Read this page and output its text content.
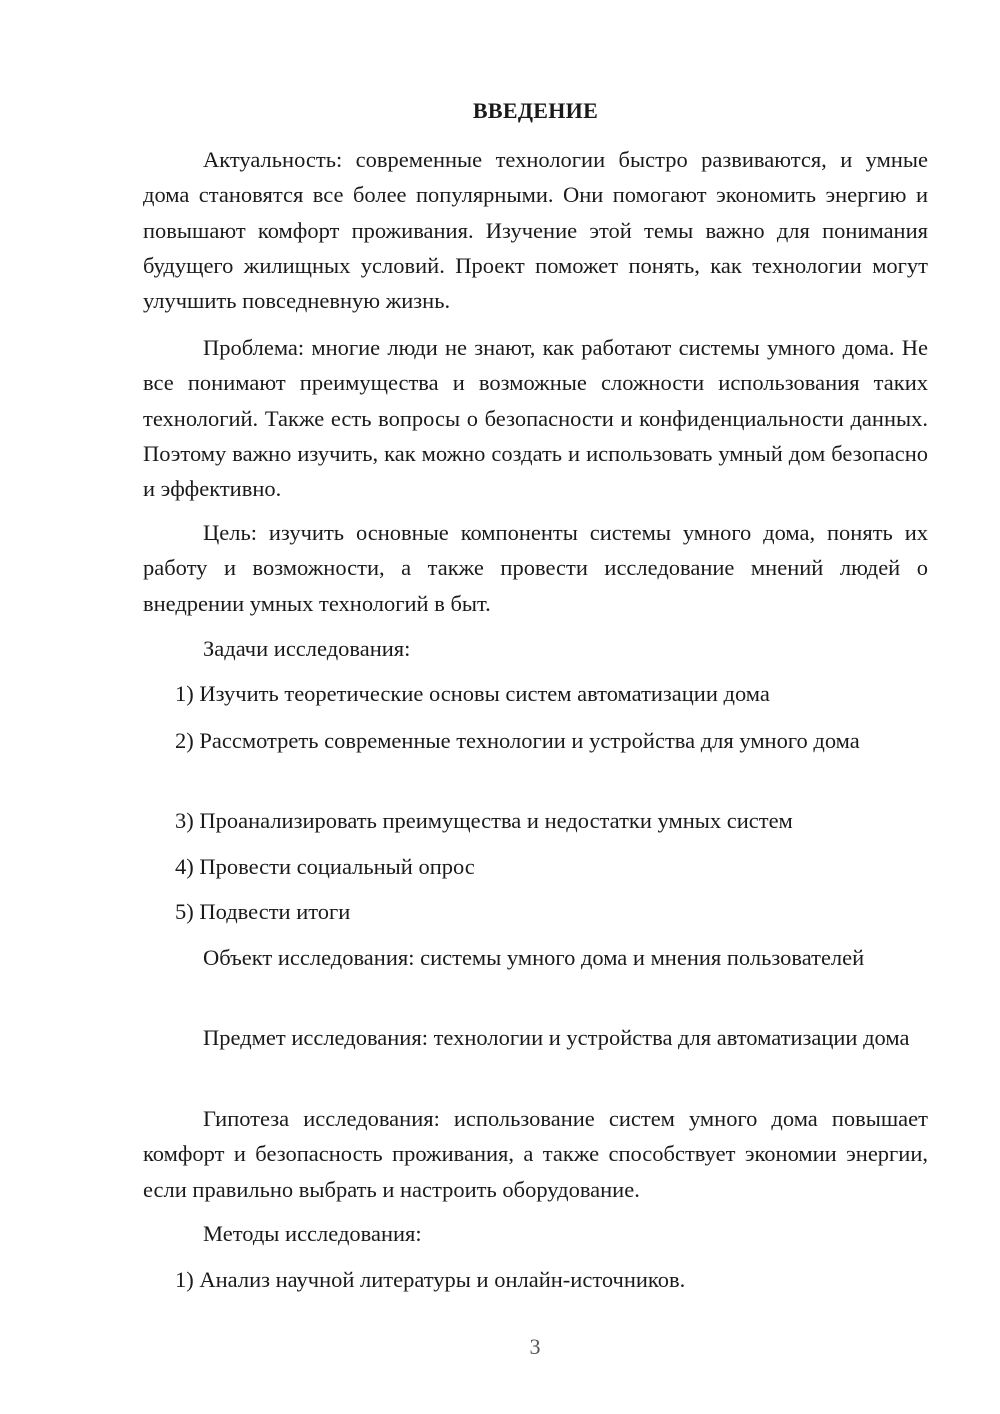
ВВЕДЕНИЕ

Актуальность: современные технологии быстро развиваются, и умные дома становятся все более популярными. Они помогают экономить энергию и повышают комфорт проживания. Изучение этой темы важно для понимания будущего жилищных условий. Проект поможет понять, как технологии могут улучшить повседневную жизнь.

Проблема: многие люди не знают, как работают системы умного дома. Не все понимают преимущества и возможные сложности использования таких технологий. Также есть вопросы о безопасности и конфиденциальности данных. Поэтому важно изучить, как можно создать и использовать умный дом безопасно и эффективно.

Цель: изучить основные компоненты системы умного дома, понять их работу и возможности, а также провести исследование мнений людей о внедрении умных технологий в быт.

Задачи исследования:

1) Изучить теоретические основы систем автоматизации дома

2) Рассмотреть современные технологии и устройства для умного дома

3) Проанализировать преимущества и недостатки умных систем

4) Провести социальный опрос

5) Подвести итоги

Объект исследования: системы умного дома и мнения пользователей

Предмет исследования: технологии и устройства для автоматизации дома

Гипотеза исследования: использование систем умного дома повышает комфорт и безопасность проживания, а также способствует экономии энергии, если правильно выбрать и настроить оборудование.

Методы исследования:

1) Анализ научной литературы и онлайн-источников.

3
